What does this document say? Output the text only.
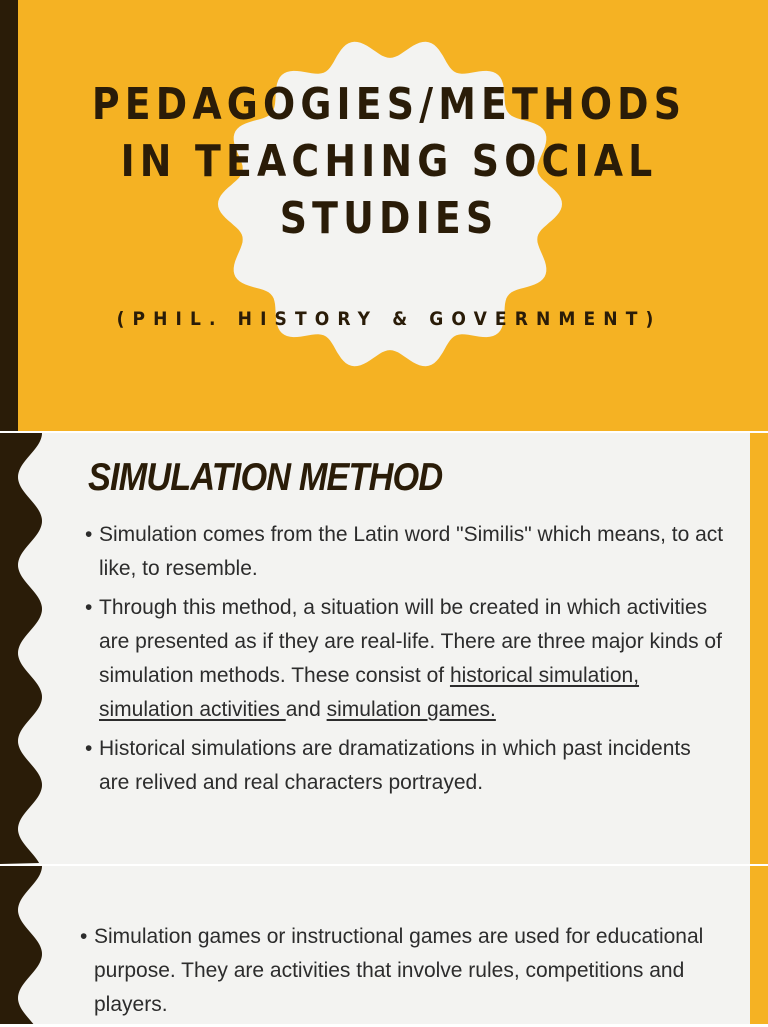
PEDAGOGIES/METHODS
IN TEACHING SOCIAL
STUDIES

(PHIL. HISTORY & GOVERNMENT)

SIMULATION METHOD
• Simulation comes from the Latin word "Similis" which means, to act like, to resemble.
• Through this method, a situation will be created in which activities are presented as if they are real-life. There are three major kinds of simulation methods. These consist of historical simulation, simulation activities and simulation games.
• Historical simulations are dramatizations in which past incidents are relived and real characters portrayed.
• Simulation games or instructional games are used for educational purpose. They are activities that involve rules, competitions and players.
